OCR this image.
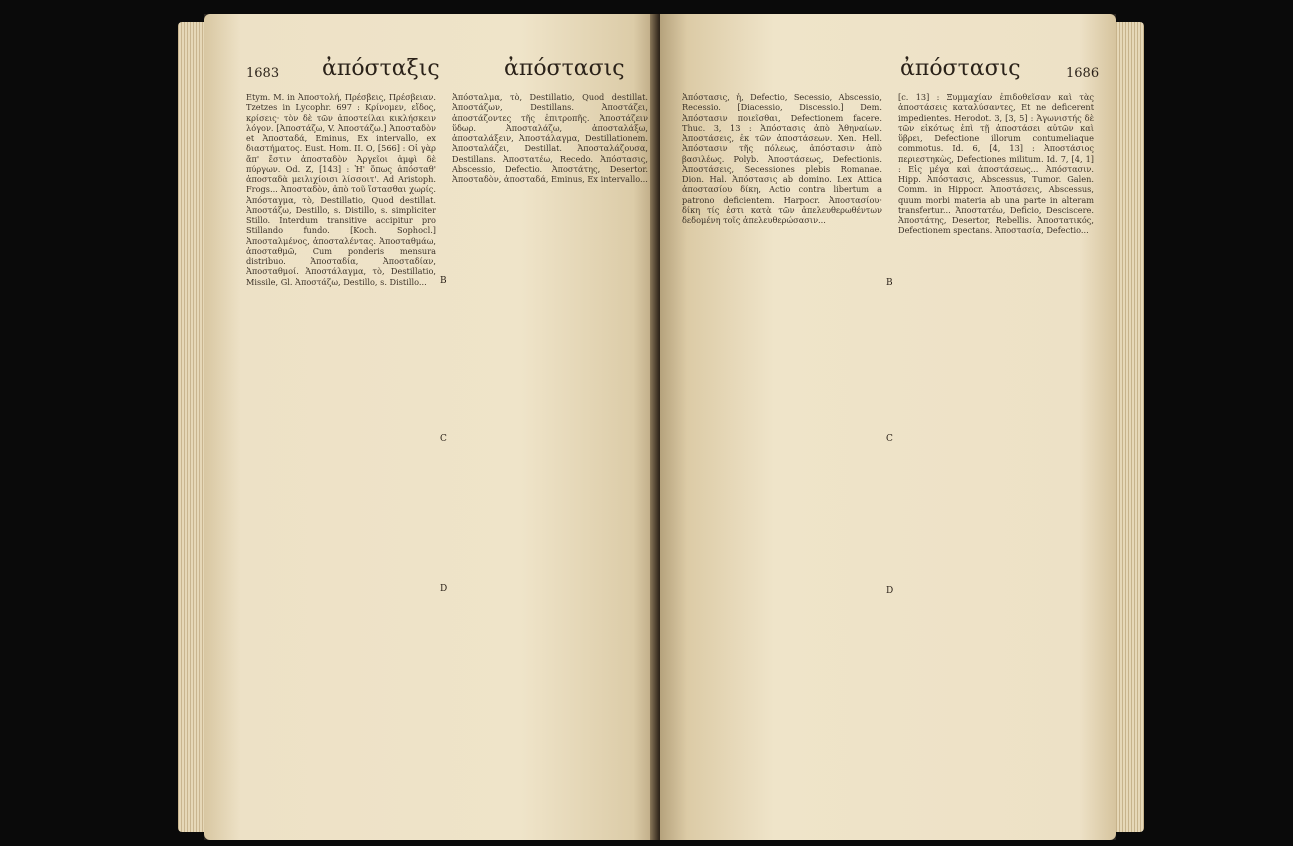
1683 ἀπόσταξις	ἀπόστασις

Etym. M. in Ἀποστολή, Πρέσβεις, Πρέσβειαν. Tzetzes in Lycophr. 697 : Κρίνομεν, εἴδος, κρίσεις· τὸν δὲ τῶν ἀποστείλαι κικλήσκειν λόγον. [Ἀποστάζω, V. Ἀποστάζω.] Ἀποσταδὸν et Ἀποσταδά, Eminus, Ex intervallo, ex διαστήματος. Eust. Hom. II. Ο, [566] : Οἱ γὰρ ἄπ' ἔστιν ἀποσταδὸν Ἀργεῖοι ἀμφὶ δὲ πύργων. Od. Z, [143] : Ἠ' ὅπως ἀπόσταθ' ἀποσταδὰ μειλιχίοισι λίσσοιτ'. Ad Aristoph. Frogs... Ἀποσταδὸν, ἀπὸ τοῦ ἵστασθαι χωρίς. Ἀπόσταγμα, τὸ, Destillatio, Quod destillat. Ἀποστάζω, Destillo, s. Distillo, s. simpliciter Stillo. Interdum transitive accipitur pro Stillando fundo. [Koch. Sophocl.] Ἀποσταλμένος, ἀποσταλέντας. Ἀποσταθμάω, ἀποσταθμῶ, Cum ponderis mensura distribuo. Ἀποσταδία, Ἀποσταδίαν, Ἀποσταθμοί. Ἀποστάλαγμα, τὸ, Destillatio, Missile, Gl. Ἀποστάζω, Destillo, s. Distillo...	B
C
D

Ἀπόσταλμα, τὸ, Destillatio, Quod destillat. Ἀποστάζων, Destillans. Ἀποστάζει, ἀποστάζοντες τῆς ἐπιτροπῆς. Ἀποστάζειν ὕδωρ. Ἀποσταλάζω, ἀποσταλάξω, ἀποσταλάξειν, Ἀποστάλαγμα, Destillationem. Ἀποσταλάζει, Destillat. Ἀποσταλάζουσα, Destillans. Ἀποστατέω, Recedo. Ἀπόστασις, Abscessio, Defectio. Ἀποστάτης, Desertor. Ἀποσταδὸν, ἀποσταδά, Eminus, Ex intervallo...

ἀπόστασις	1686

Ἀπόστασις, ἡ, Defectio, Secessio, Abscessio, Recessio. [Diacessio, Discessio.] Dem. Ἀπόστασιν ποιεῖσθαι, Defectionem facere. Thuc. 3, 13 : Ἀπόστασις ἀπὸ Ἀθηναίων. Ἀποστάσεις, ἐκ τῶν ἀποστάσεων. Xen. Hell. Ἀπόστασιν τῆς πόλεως, ἀπόστασιν ἀπὸ βασιλέως. Polyb. Ἀποστάσεως, Defectionis. Ἀποστάσεις, Secessiones plebis Romanae. Dion. Hal. Ἀπόστασις ab domino. Lex Attica ἀποστασίου δίκη, Actio contra libertum a patrono deficientem. Harpocr. Ἀποστασίου· δίκη τίς ἐστι κατὰ τῶν ἀπελευθερωθέντων δεδομένη τοῖς ἀπελευθερώσασιν...

B
C
D

[c. 13] : Ξυμμαχίαν ἐπιδοθεῖσαν καὶ τὰς ἀποστάσεις καταλύσαντες, Et ne deficerent impedientes. Herodot. 3, [3, 5] : Ἀγωνιστής δὲ τῶν εἰκότως ἐπὶ τῇ ἀποστάσει αὐτῶν καὶ ὕβρει, Defectione illorum contumeliaque commotus. Id. 6, [4, 13] : Ἀποστάσιος περιεστηκὼς, Defectiones militum. Id. 7, [4, 1] : Εἰς μέγα καὶ ἀποστάσεως... Ἀπόστασιν. Hipp. Ἀπόστασις, Abscessus, Tumor. Galen. Comm. in Hippocr. Ἀποστάσεις, Abscessus, quum morbi materia ab una parte in alteram transfertur... Ἀποστατέω, Deficio, Desciscere. Ἀποστάτης, Desertor, Rebellis. Ἀποστατικός, Defectionem spectans. Ἀποστασία, Defectio...
